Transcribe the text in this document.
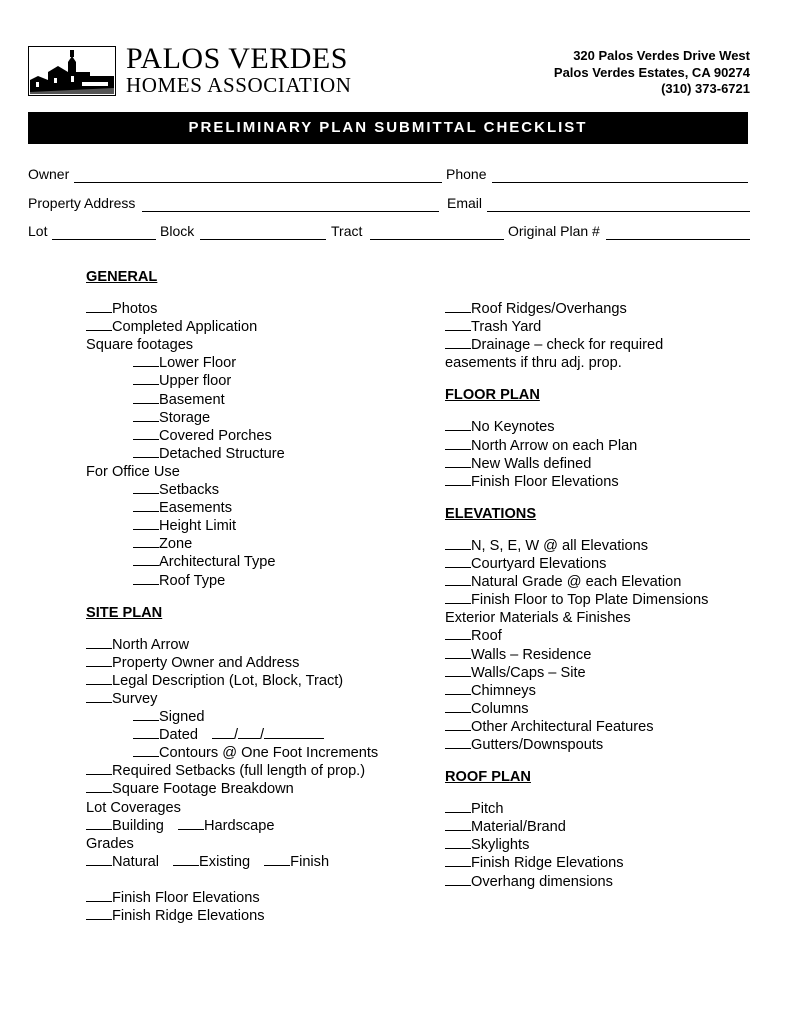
PALOS VERDES
HOMES ASSOCIATION
320 Palos Verdes Drive West
Palos Verdes Estates, CA 90274
(310) 373-6721
PRELIMINARY PLAN SUBMITTAL CHECKLIST
Owner	Phone
Property Address	Email
Lot	Block	Tract	Original Plan #
GENERAL
Photos
Completed Application
Square footages
Lower Floor
Upper floor
Basement
Storage
Covered Porches
Detached Structure
For Office Use
Setbacks
Easements
Height Limit
Zone
Architectural Type
Roof Type
SITE PLAN
North Arrow
Property Owner and Address
Legal Description (Lot, Block, Tract)
Survey
Signed
Dated / /
Contours @ One Foot Increments
Required Setbacks (full length of prop.)
Square Footage Breakdown
Lot Coverages
Building	Hardscape
Grades
Natural	Existing	Finish
Finish Floor Elevations
Finish Ridge Elevations
Roof Ridges/Overhangs
Trash Yard
Drainage – check for required
easements if thru adj. prop.
FLOOR PLAN
No Keynotes
North Arrow on each Plan
New Walls defined
Finish Floor Elevations
ELEVATIONS
N, S, E, W @ all Elevations
Courtyard Elevations
Natural Grade @ each Elevation
Finish Floor to Top Plate Dimensions
Exterior Materials & Finishes
Roof
Walls – Residence
Walls/Caps – Site
Chimneys
Columns
Other Architectural Features
Gutters/Downspouts
ROOF PLAN
Pitch
Material/Brand
Skylights
Finish Ridge Elevations
Overhang dimensions
